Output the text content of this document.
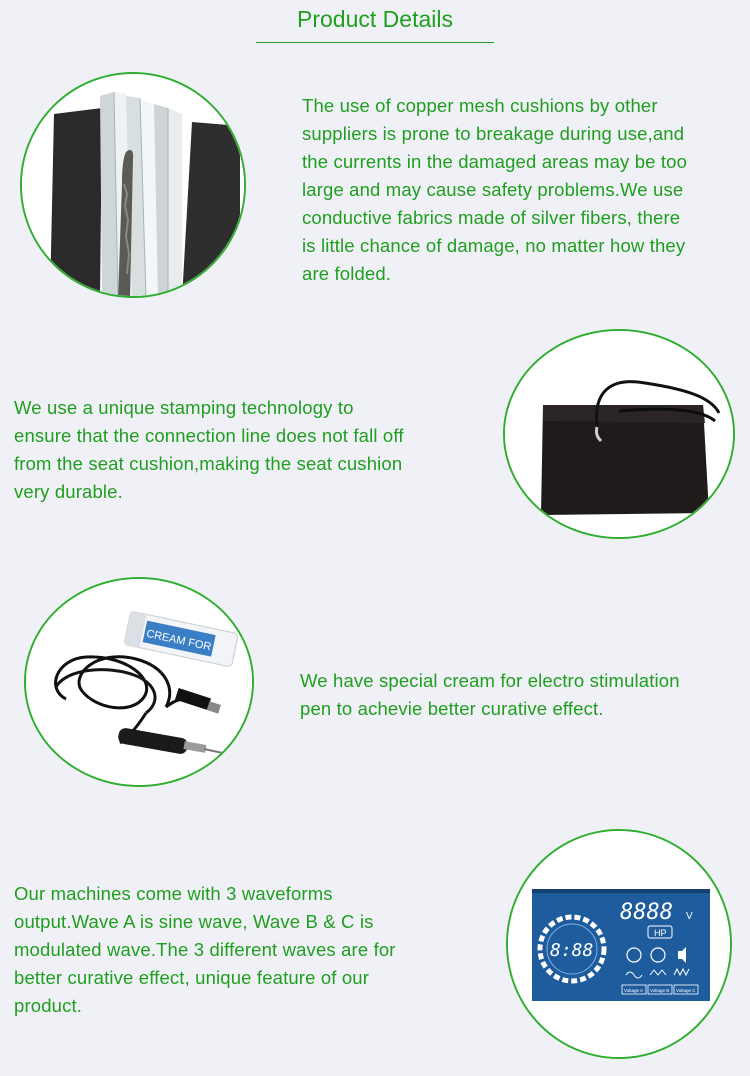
Product Details
The use of copper mesh cushions by other
suppliers is prone to breakage during use,and
the currents in the damaged areas may be too
large and may cause safety problems.We use
conductive fabrics made of silver fibers, there
is little chance of damage, no matter how they
are folded.
We use a unique stamping technology to
ensure that the connection line does not fall off
from the seat cushion,making the seat cushion
very durable.
CREAM FOR
We have special cream for electro stimulation
pen to achevie better curative effect.
Our machines come with 3 waveforms
output.Wave A is sine wave, Wave B & C is
modulated wave.The 3 different waves are for
better curative effect, unique feature of our
product.
8888 V
HP
8:88
Voltage A Voltage B Voltage C
